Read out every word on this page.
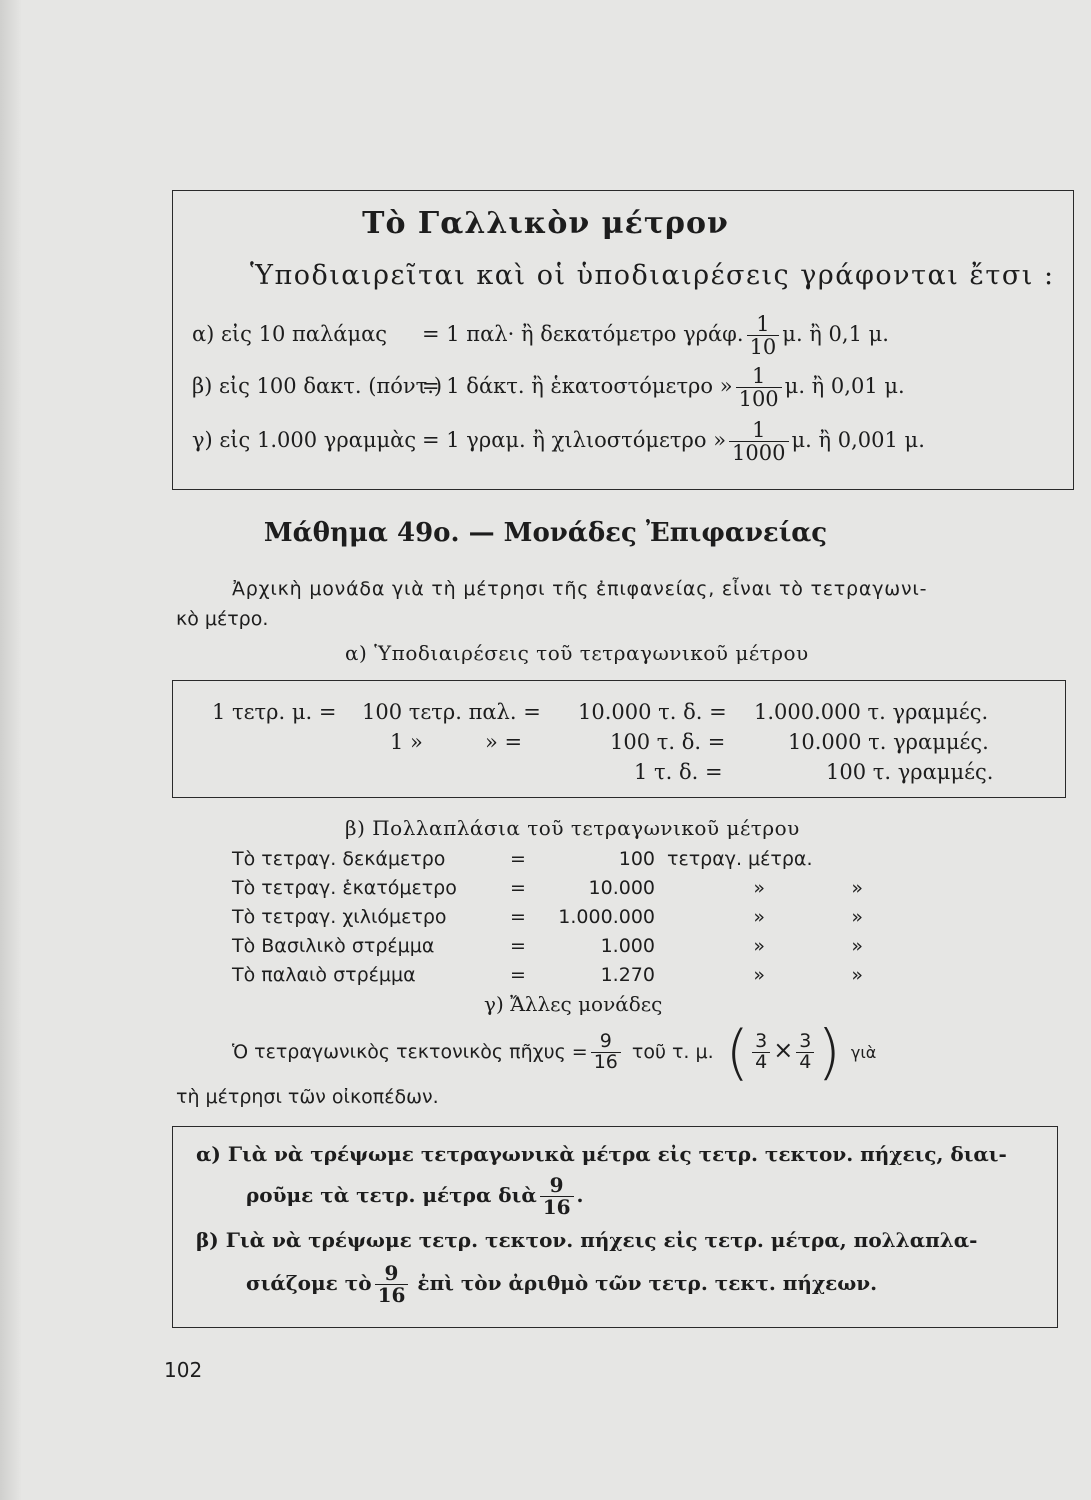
Τὸ Γαλλικὸν μέτρον
Ὑποδιαιρεῖται καὶ οἱ ὑποδιαιρέσεις γράφονται ἔτσι :
α) εἰς 10 παλάμας = 1 παλ· ἢ δεκατόμετρο γράφ. $\frac{1}{10} \mu$. ἢ 0,1 μ.
β) εἰς 100 δακτ. (πόντ.)= 1 δάκτ. ἢ ἑκατοστόμετρο » $\frac{1}{100} \mu$. ἢ 0,01 μ.
γ) εἰς 1.000 γραμμὰς = 1 γραμ. ἢ χιλιοστόμετρο » $\frac{1}{1000} \mu$. ἢ 0,001 μ.
Μάθημα 49ο. — Μονάδες Ἐπιφανείας
Ἀρχικὴ μονάδα γιὰ τὴ μέτρησι τῆς ἐπιφανείας, εἶναι τὸ τετραγωνι-
κὸ μέτρο.
α) Ὑποδιαιρέσεις τοῦ τετραγωνικοῦ μέτρου
1 τετρ. μ. = 100 τετρ. παλ. = 10.000 τ. δ. = 1.000.000 τ. γραμμές.
1 »	» =	100 τ. δ. =	10.000 τ. γραμμές.
1 τ. δ. =	100 τ. γραμμές.
β) Πολλαπλάσια τοῦ τετραγωνικοῦ μέτρου
Τὸ τετραγ. δεκάμετρο	=	100 τετραγ. μέτρα.
Τὸ τετραγ. ἑκατόμετρο	=	10.000	»	»
Τὸ τετραγ. χιλιόμετρο	= 1.000.000	»	»
Τὸ Βασιλικὸ στρέμμα	=	1.000	»	»
Τὸ παλαιὸ στρέμμα	=	1.270	»	»
γ) Ἄλλες μονάδες
Ὁ τετραγωνικὸς τεκτονικὸς πῆχυς = $\frac{9}{16}$ τοῦ τ. μ. ( $\frac{3}{4} \times \frac{3}{4}$ ) γιὰ
τὴ μέτρησι τῶν οἰκοπέδων.
α) Γιὰ νὰ τρέψωμε τετραγωνικὰ μέτρα εἰς τετρ. τεκτον. πήχεις, διαι-
ροῦμε τὰ τετρ. μέτρα διὰ $\frac{9}{16}$ .
β) Γιὰ νὰ τρέψωμε τετρ. τεκτον. πήχεις εἰς τετρ. μέτρα, πολλαπλα-
σιάζομε τὸ $\frac{9}{16}$ ἐπὶ τὸν ἀριθμὸ τῶν τετρ. τεκτ. πήχεων.
102
